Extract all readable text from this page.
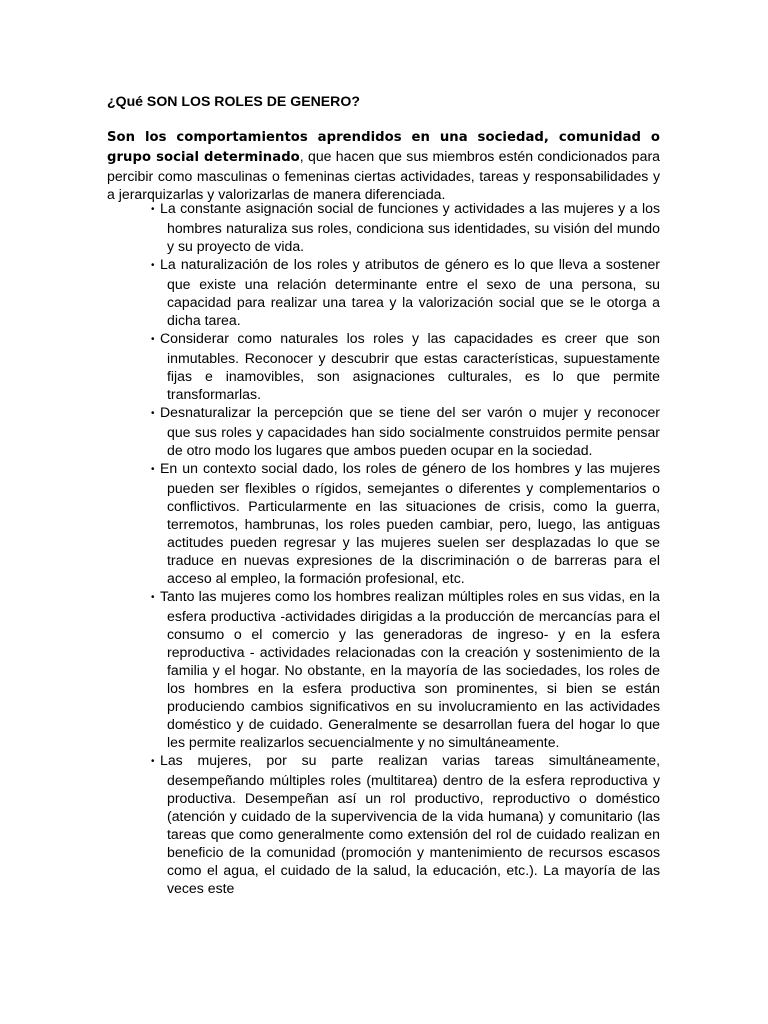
¿Qué SON LOS ROLES DE GENERO?

Son los comportamientos aprendidos en una sociedad, comunidad o grupo social determinado, que hacen que sus miembros estén condicionados para percibir como masculinas o femeninas ciertas actividades, tareas y responsabilidades y a jerarquizarlas y valorizarlas de manera diferenciada.

• La constante asignación social de funciones y actividades a las mujeres y a los hombres naturaliza sus roles, condiciona sus identidades, su visión del mundo y su proyecto de vida.
• La naturalización de los roles y atributos de género es lo que lleva a sostener que existe una relación determinante entre el sexo de una persona, su capacidad para realizar una tarea y la valorización social que se le otorga a dicha tarea.
• Considerar como naturales los roles y las capacidades es creer que son inmutables. Reconocer y descubrir que estas características, supuestamente fijas e inamovibles, son asignaciones culturales, es lo que permite transformarlas.
• Desnaturalizar la percepción que se tiene del ser varón o mujer y reconocer que sus roles y capacidades han sido socialmente construidos permite pensar de otro modo los lugares que ambos pueden ocupar en la sociedad.
• En un contexto social dado, los roles de género de los hombres y las mujeres pueden ser flexibles o rígidos, semejantes o diferentes y complementarios o conflictivos. Particularmente en las situaciones de crisis, como la guerra, terremotos, hambrunas, los roles pueden cambiar, pero, luego, las antiguas actitudes pueden regresar y las mujeres suelen ser desplazadas lo que se traduce en nuevas expresiones de la discriminación o de barreras para el acceso al empleo, la formación profesional, etc.
• Tanto las mujeres como los hombres realizan múltiples roles en sus vidas, en la esfera productiva -actividades dirigidas a la producción de mercancías para el consumo o el comercio y las generadoras de ingreso- y en la esfera reproductiva - actividades relacionadas con la creación y sostenimiento de la familia y el hogar. No obstante, en la mayoría de las sociedades, los roles de los hombres en la esfera productiva son prominentes, si bien se están produciendo cambios significativos en su involucramiento en las actividades doméstico y de cuidado. Generalmente se desarrollan fuera del hogar lo que les permite realizarlos secuencialmente y no simultáneamente.
• Las mujeres, por su parte realizan varias tareas simultáneamente, desempeñando múltiples roles (multitarea) dentro de la esfera reproductiva y productiva. Desempeñan así un rol productivo, reproductivo o doméstico (atención y cuidado de la supervivencia de la vida humana) y comunitario (las tareas que como generalmente como extensión del rol de cuidado realizan en beneficio de la comunidad (promoción y mantenimiento de recursos escasos como el agua, el cuidado de la salud, la educación, etc.). La mayoría de las veces este
